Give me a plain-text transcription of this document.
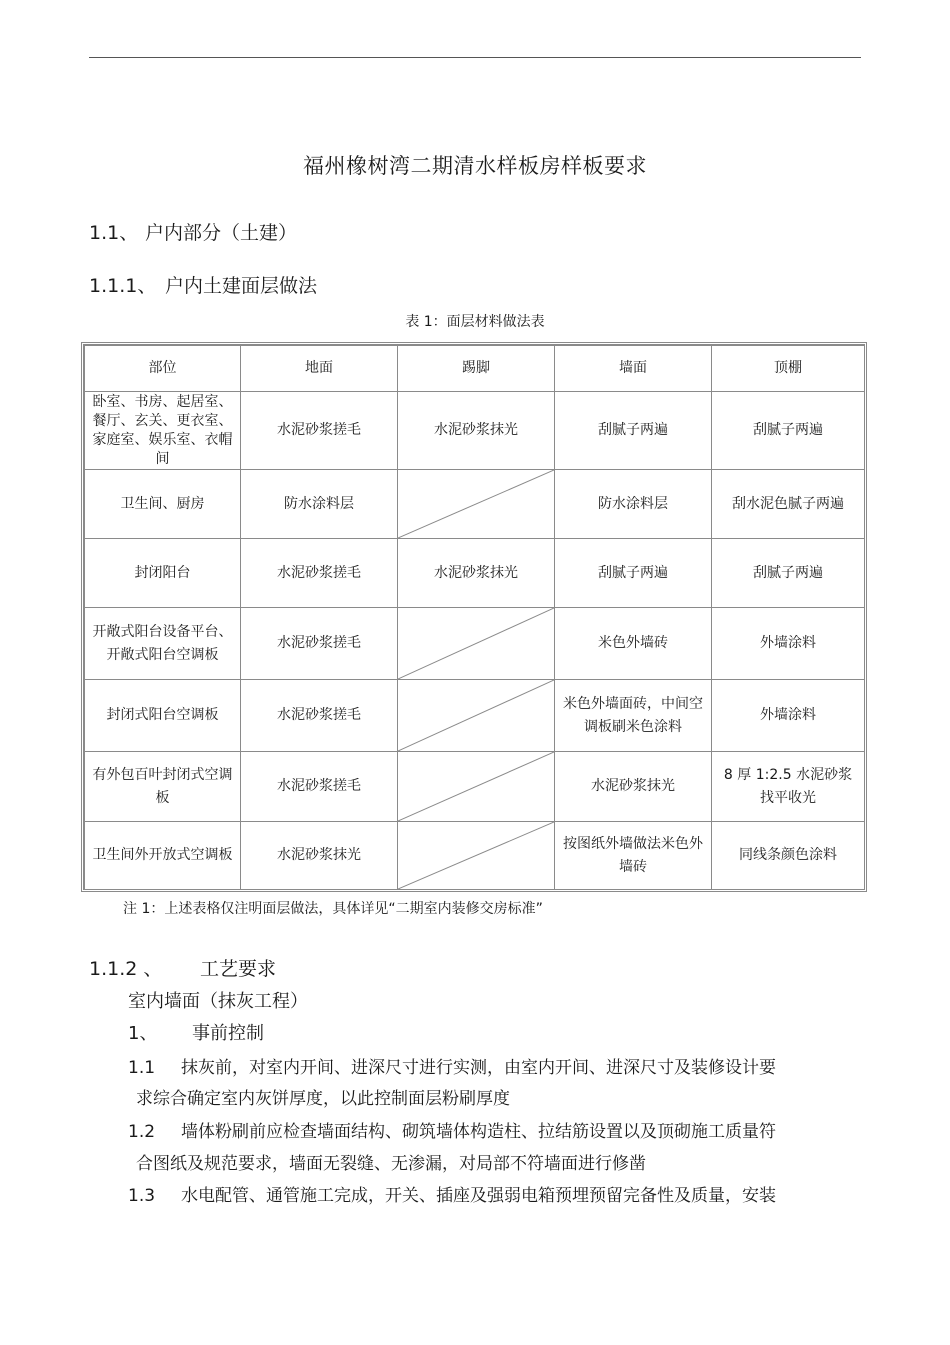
福州橡树湾二期清水样板房样板要求
1.1、 户内部分（土建）
1.1.1、 户内土建面层做法
表 1：面层材料做法表
部位	地面	踢脚	墙面	顶棚
卧室、书房、起居室、餐厅、玄关、更衣室、家庭室、娱乐室、衣帽间	水泥砂浆搓毛	水泥砂浆抹光	刮腻子两遍	刮腻子两遍
卫生间、厨房	防水涂料层		防水涂料层	刮水泥色腻子两遍
封闭阳台	水泥砂浆搓毛	水泥砂浆抹光	刮腻子两遍	刮腻子两遍
开敞式阳台设备平台、开敞式阳台空调板	水泥砂浆搓毛		米色外墙砖	外墙涂料
封闭式阳台空调板	水泥砂浆搓毛		米色外墙面砖，中间空调板刷米色涂料	外墙涂料
有外包百叶封闭式空调板	水泥砂浆搓毛		水泥砂浆抹光	8 厚 1:2.5 水泥砂浆找平收光
卫生间外开放式空调板	水泥砂浆抹光		按图纸外墙做法米色外墙砖	同线条颜色涂料
注 1：上述表格仅注明面层做法，具体详见“二期室内装修交房标准”
1.1.2 、 工艺要求
室内墙面（抹灰工程）
1、 事前控制
1.1 抹灰前，对室内开间、进深尺寸进行实测，由室内开间、进深尺寸及装修设计要
求综合确定室内灰饼厚度，以此控制面层粉刷厚度
1.2 墙体粉刷前应检查墙面结构、砌筑墙体构造柱、拉结筋设置以及顶砌施工质量符
合图纸及规范要求，墙面无裂缝、无渗漏，对局部不符墙面进行修凿
1.3 水电配管、通管施工完成，开关、插座及强弱电箱预埋预留完备性及质量，安装
